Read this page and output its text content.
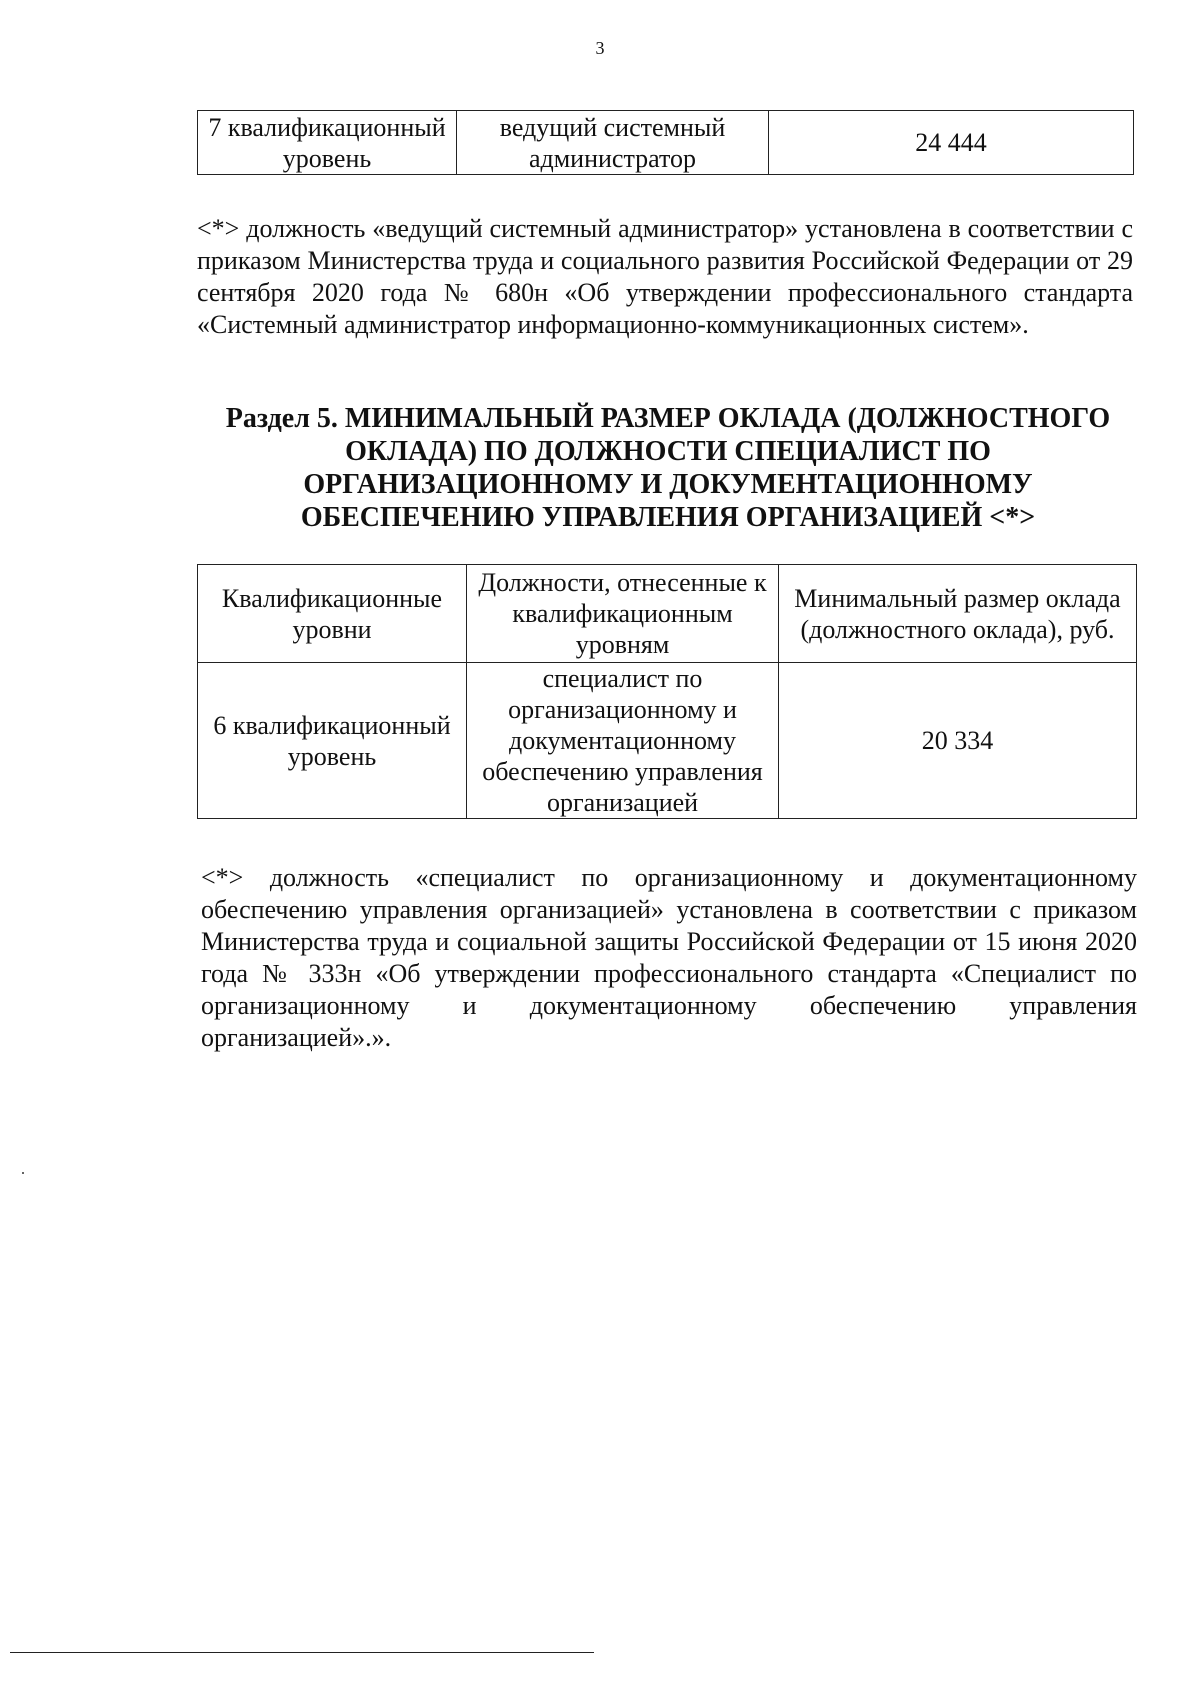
3
7 квалификационный уровень	ведущий системный администратор	24 444

<*> должность «ведущий системный администратор» установлена в соответствии с приказом Министерства труда и социального развития Российской Федерации от 29 сентября 2020 года № 680н «Об утверждении профессионального стандарта «Системный администратор информационно-коммуникационных систем».

Раздел 5. МИНИМАЛЬНЫЙ РАЗМЕР ОКЛАДА (ДОЛЖНОСТНОГО ОКЛАДА) ПО ДОЛЖНОСТИ СПЕЦИАЛИСТ ПО ОРГАНИЗАЦИОННОМУ И ДОКУМЕНТАЦИОННОМУ ОБЕСПЕЧЕНИЮ УПРАВЛЕНИЯ ОРГАНИЗАЦИЕЙ <*>
Квалификационные уровни	Должности, отнесенные к квалификационным уровням	Минимальный размер оклада (должностного оклада), руб.
6 квалификационный уровень	специалист по организационному и документационному обеспечению управления организацией	20 334

<*> должность «специалист по организационному и документационному обеспечению управления организацией» установлена в соответствии с приказом Министерства труда и социальной защиты Российской Федерации от 15 июня 2020 года № 333н «Об утверждении профессионального стандарта «Специалист по организационному и документационному обеспечению управления организацией».».
